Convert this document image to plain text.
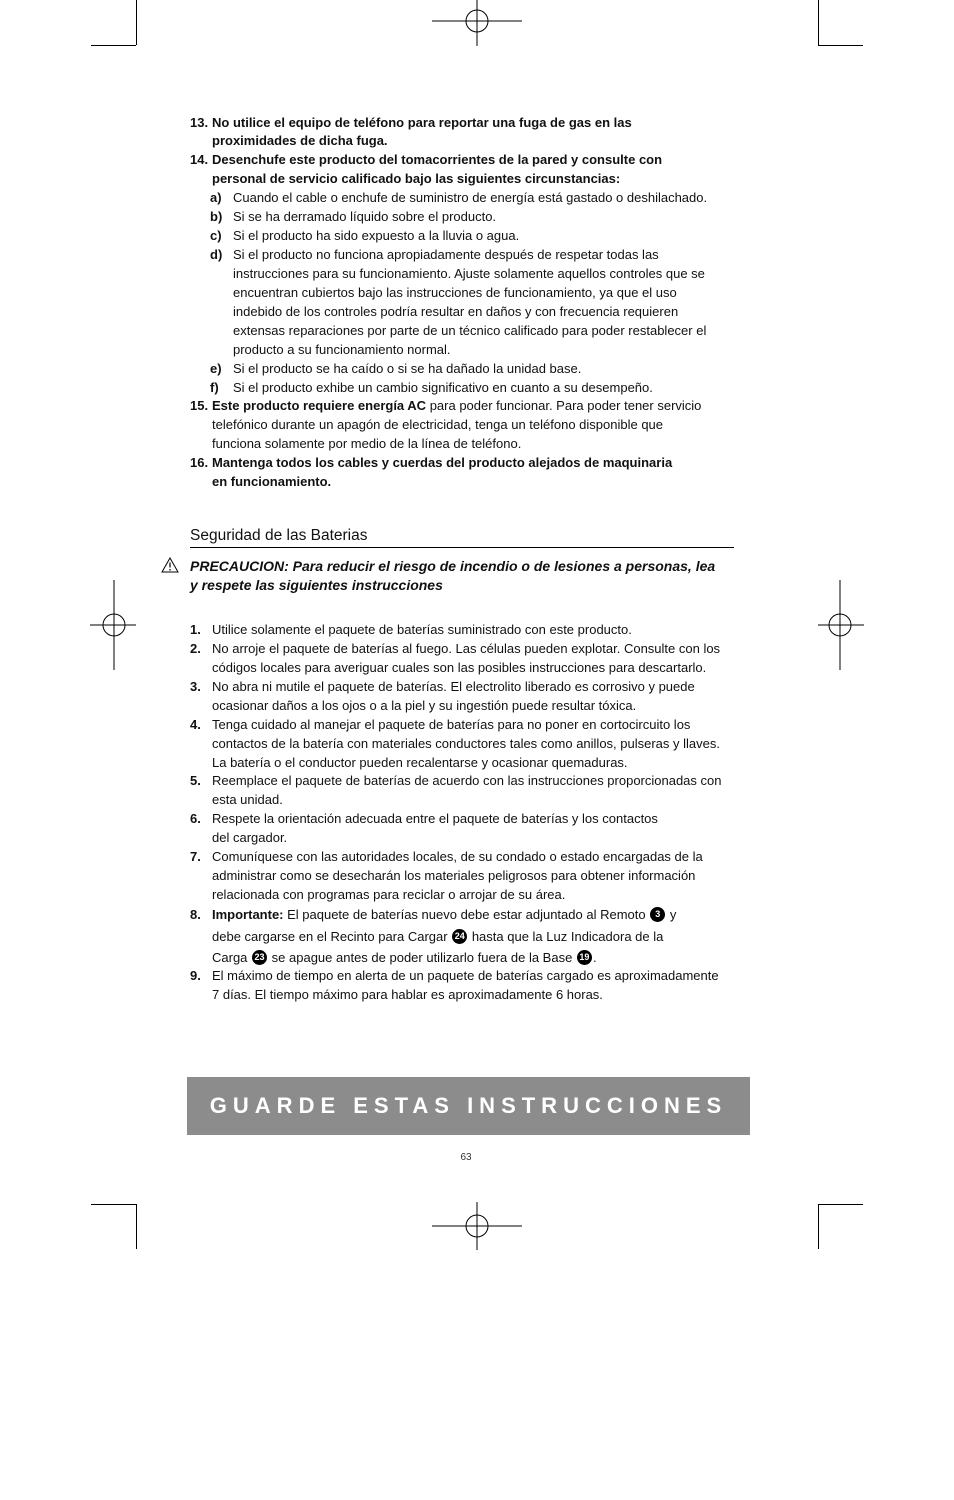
13. No utilice el equipo de teléfono para reportar una fuga de gas en las
proximidades de dicha fuga.
14. Desenchufe este producto del tomacorrientes de la pared y consulte con
personal de servicio calificado bajo las siguientes circunstancias:
a) Cuando el cable o enchufe de suministro de energía está gastado o deshilachado.
b) Si se ha derramado líquido sobre el producto.
c) Si el producto ha sido expuesto a la lluvia o agua.
d) Si el producto no funciona apropiadamente después de respetar todas las
instrucciones para su funcionamiento. Ajuste solamente aquellos controles que se
encuentran cubiertos bajo las instrucciones de funcionamiento, ya que el uso
indebido de los controles podría resultar en daños y con frecuencia requieren
extensas reparaciones por parte de un técnico calificado para poder restablecer el
producto a su funcionamiento normal.
e) Si el producto se ha caído o si se ha dañado la unidad base.
f) Si el producto exhibe un cambio significativo en cuanto a su desempeño.
15. Este producto requiere energía AC para poder funcionar. Para poder tener servicio
telefónico durante un apagón de electricidad, tenga un teléfono disponible que
funciona solamente por medio de la línea de teléfono.
16. Mantenga todos los cables y cuerdas del producto alejados de maquinaria
en funcionamiento.
Seguridad de las Baterias
PRECAUCION: Para reducir el riesgo de incendio o de lesiones a personas, lea
y respete las siguientes instrucciones
1. Utilice solamente el paquete de baterías suministrado con este producto.
2. No arroje el paquete de baterías al fuego. Las células pueden explotar. Consulte con los
códigos locales para averiguar cuales son las posibles instrucciones para descartarlo.
3. No abra ni mutile el paquete de baterías. El electrolito liberado es corrosivo y puede
ocasionar daños a los ojos o a la piel y su ingestión puede resultar tóxica.
4. Tenga cuidado al manejar el paquete de baterías para no poner en cortocircuito los
contactos de la batería con materiales conductores tales como anillos, pulseras y llaves.
La batería o el conductor pueden recalentarse y ocasionar quemaduras.
5. Reemplace el paquete de baterías de acuerdo con las instrucciones proporcionadas con
esta unidad.
6. Respete la orientación adecuada entre el paquete de baterías y los contactos
del cargador.
7. Comuníquese con las autoridades locales, de su condado o estado encargadas de la
administrar como se desecharán los materiales peligrosos para obtener información
relacionada con programas para reciclar o arrojar de su área.
8. Importante: El paquete de baterías nuevo debe estar adjuntado al Remoto 3 y
debe cargarse en el Recinto para Cargar 24 hasta que la Luz Indicadora de la
Carga 23 se apague antes de poder utilizarlo fuera de la Base 19 .
9. El máximo de tiempo en alerta de un paquete de baterías cargado es aproximadamente
7 días. El tiempo máximo para hablar es aproximadamente 6 horas.
GUARDE ESTAS INSTRUCCIONES
63
